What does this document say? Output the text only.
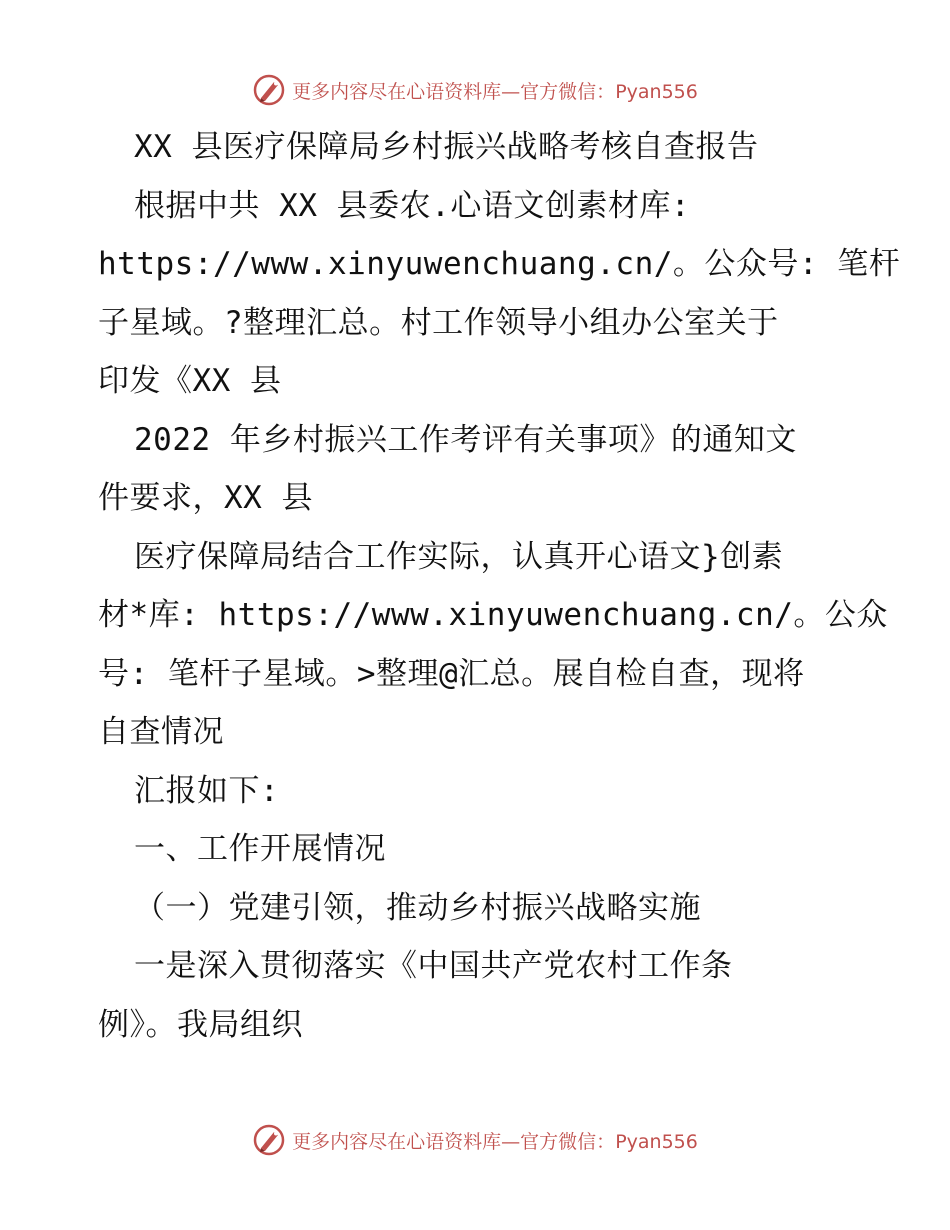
更多内容尽在心语资料库—官方微信：Pyan556
XX 县医疗保障局乡村振兴战略考核自查报告
根据中共 XX 县委农.心语文创素材库:
https://www.xinyuwenchuang.cn/。公众号: 笔杆
子星域。?整理汇总。村工作领导小组办公室关于
印发《XX 县
2022 年乡村振兴工作考评有关事项》的通知文
件要求，XX 县
医疗保障局结合工作实际，认真开心语文}创素
材*库: https://www.xinyuwenchuang.cn/。公众
号: 笔杆子星域。>整理@汇总。展自检自查，现将
自查情况
汇报如下:
一、工作开展情况
（一）党建引领，推动乡村振兴战略实施
一是深入贯彻落实《中国共产党农村工作条
例》。我局组织
更多内容尽在心语资料库—官方微信：Pyan556
